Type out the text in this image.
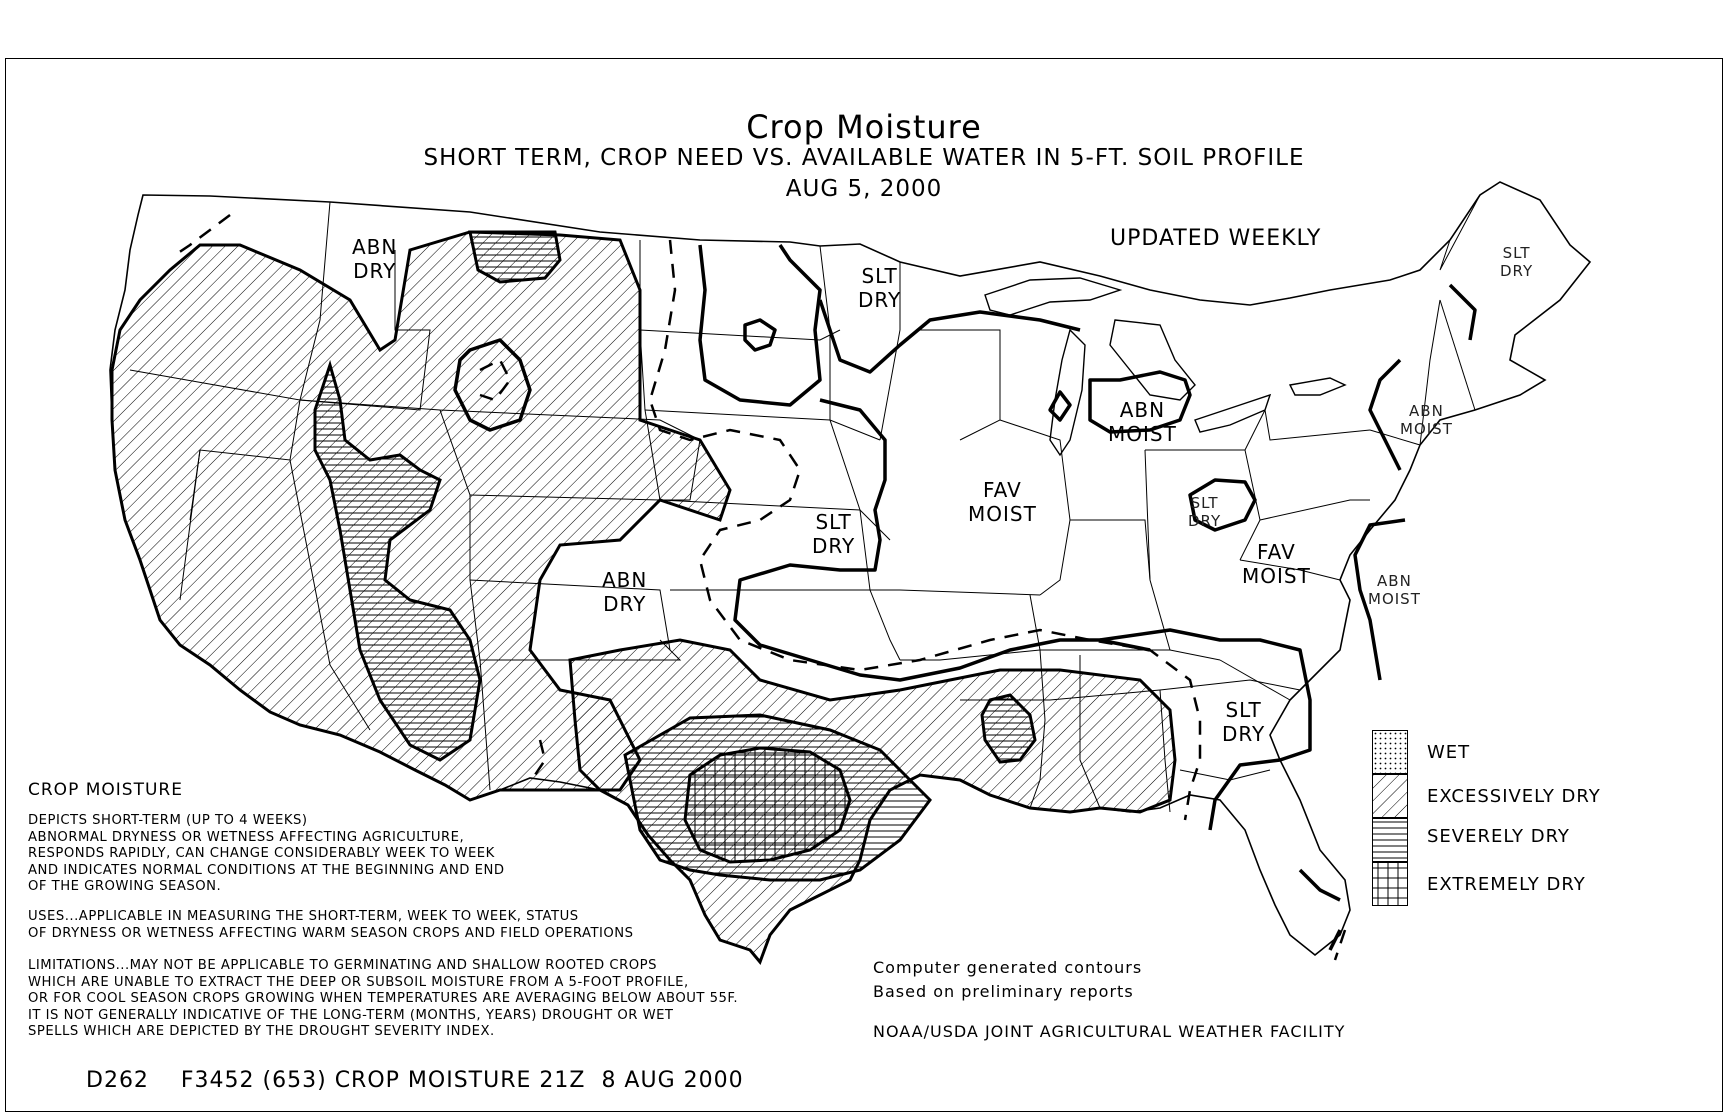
Crop Moisture
SHORT TERM, CROP NEED VS. AVAILABLE WATER IN 5-FT. SOIL PROFILE
AUG 5, 2000
UPDATED WEEKLY
ABN
DRY	SLT
DRY
SLT
DRY
ABN
MOIST
FAV
MOIST	SLT
DRY
SLT
DRY	FAV
MOIST
ABN
DRY
SLT
DRY
ABN
MOIST
ABN
MOIST
WET
EXCESSIVELY DRY
SEVERELY DRY
EXTREMELY DRY
CROP MOISTURE
DEPICTS SHORT-TERM (UP TO 4 WEEKS)
ABNORMAL DRYNESS OR WETNESS AFFECTING AGRICULTURE,
RESPONDS RAPIDLY, CAN CHANGE CONSIDERABLY WEEK TO WEEK
AND INDICATES NORMAL CONDITIONS AT THE BEGINNING AND END
OF THE GROWING SEASON.
USES...APPLICABLE IN MEASURING THE SHORT-TERM, WEEK TO WEEK, STATUS
OF DRYNESS OR WETNESS AFFECTING WARM SEASON CROPS AND FIELD OPERATIONS
LIMITATIONS...MAY NOT BE APPLICABLE TO GERMINATING AND SHALLOW ROOTED CROPS
WHICH ARE UNABLE TO EXTRACT THE DEEP OR SUBSOIL MOISTURE FROM A 5-FOOT PROFILE,
OR FOR COOL SEASON CROPS GROWING WHEN TEMPERATURES ARE AVERAGING BELOW ABOUT 55F.
IT IS NOT GENERALLY INDICATIVE OF THE LONG-TERM (MONTHS, YEARS) DROUGHT OR WET
SPELLS WHICH ARE DEPICTED BY THE DROUGHT SEVERITY INDEX.
Computer generated contours
Based on preliminary reports
NOAA/USDA JOINT AGRICULTURAL WEATHER FACILITY
D262    F3452 (653) CROP MOISTURE 21Z  8 AUG 2000
